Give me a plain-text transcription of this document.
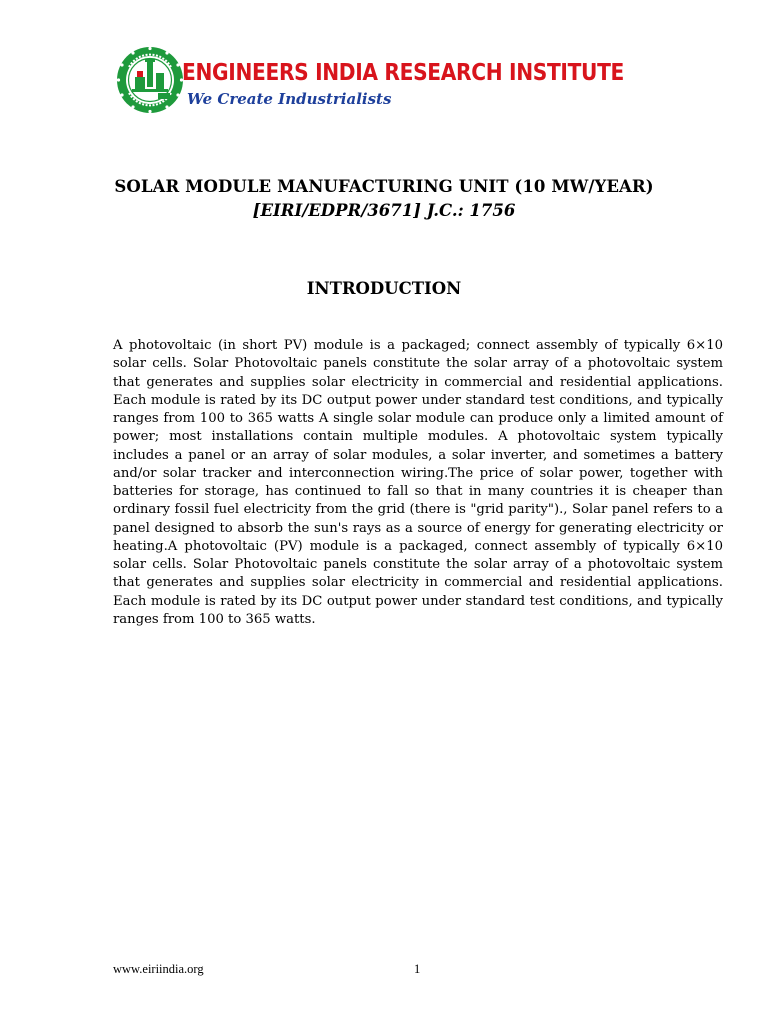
ENGINEERS INDIA RESEARCH INSTITUTE
We Create Industrialists
SOLAR MODULE MANUFACTURING UNIT (10 MW/YEAR)
[EIRI/EDPR/3671] J.C.: 1756
INTRODUCTION

A photovoltaic (in short PV) module is a packaged; connect assembly of typically 6×10 solar cells. Solar Photovoltaic panels constitute the solar array of a photovoltaic system that generates and supplies solar electricity in commercial and residential applications. Each module is rated by its DC output power under standard test conditions, and typically ranges from 100 to 365 watts A single solar module can produce only a limited amount of power; most installations contain multiple modules. A photovoltaic system typically includes a panel or an array of solar modules, a solar inverter, and sometimes a battery and/or solar tracker and interconnection wiring.The price of solar power, together with batteries for storage, has continued to fall so that in many countries it is cheaper than ordinary fossil fuel electricity from the grid (there is "grid parity")., Solar panel refers to a panel designed to absorb the sun's rays as a source of energy for generating electricity or heating.A photovoltaic (PV) module is a packaged, connect assembly of typically 6×10 solar cells. Solar Photovoltaic panels constitute the solar array of a photovoltaic system that generates and supplies solar electricity in commercial and residential applications. Each module is rated by its DC output power under standard test conditions, and typically ranges from 100 to 365 watts.

www.eiriindia.org	1
